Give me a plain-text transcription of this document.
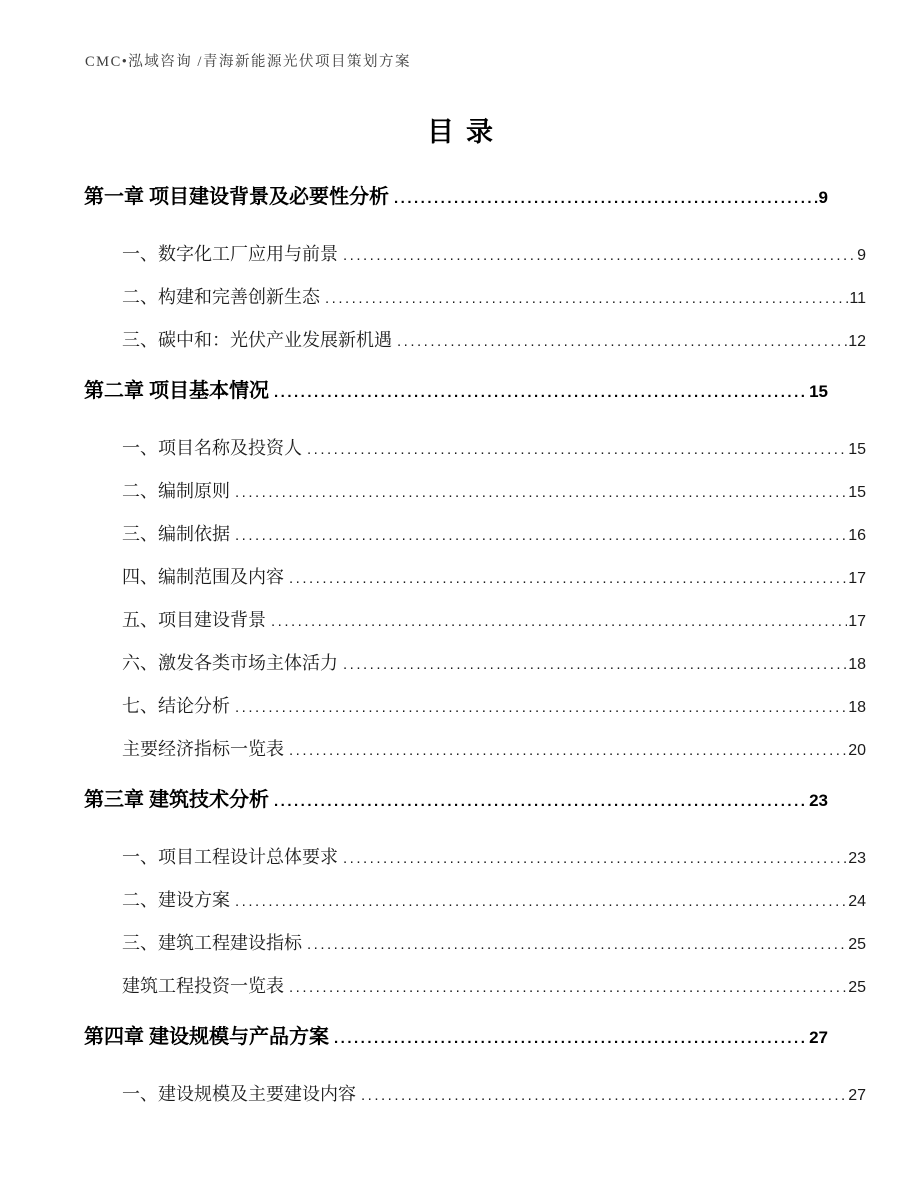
CMC•泓域咨询 /青海新能源光伏项目策划方案
目录
第一章 项目建设背景及必要性分析 .....	9
一、数字化工厂应用与前景 .....	9
二、构建和完善创新生态 .....	11
三、碳中和：光伏产业发展新机遇 .....	12
第二章 项目基本情况 .....	15
一、项目名称及投资人 .....	15
二、编制原则 .....	15
三、编制依据 .....	16
四、编制范围及内容 .....	17
五、项目建设背景 .....	17
六、激发各类市场主体活力 .....	18
七、结论分析 .....	18
主要经济指标一览表 .....	20
第三章 建筑技术分析 .....	23
一、项目工程设计总体要求 .....	23
二、建设方案 .....	24
三、建筑工程建设指标 .....	25
建筑工程投资一览表 .....	25
第四章 建设规模与产品方案 .....	27
一、建设规模及主要建设内容 .....	27
